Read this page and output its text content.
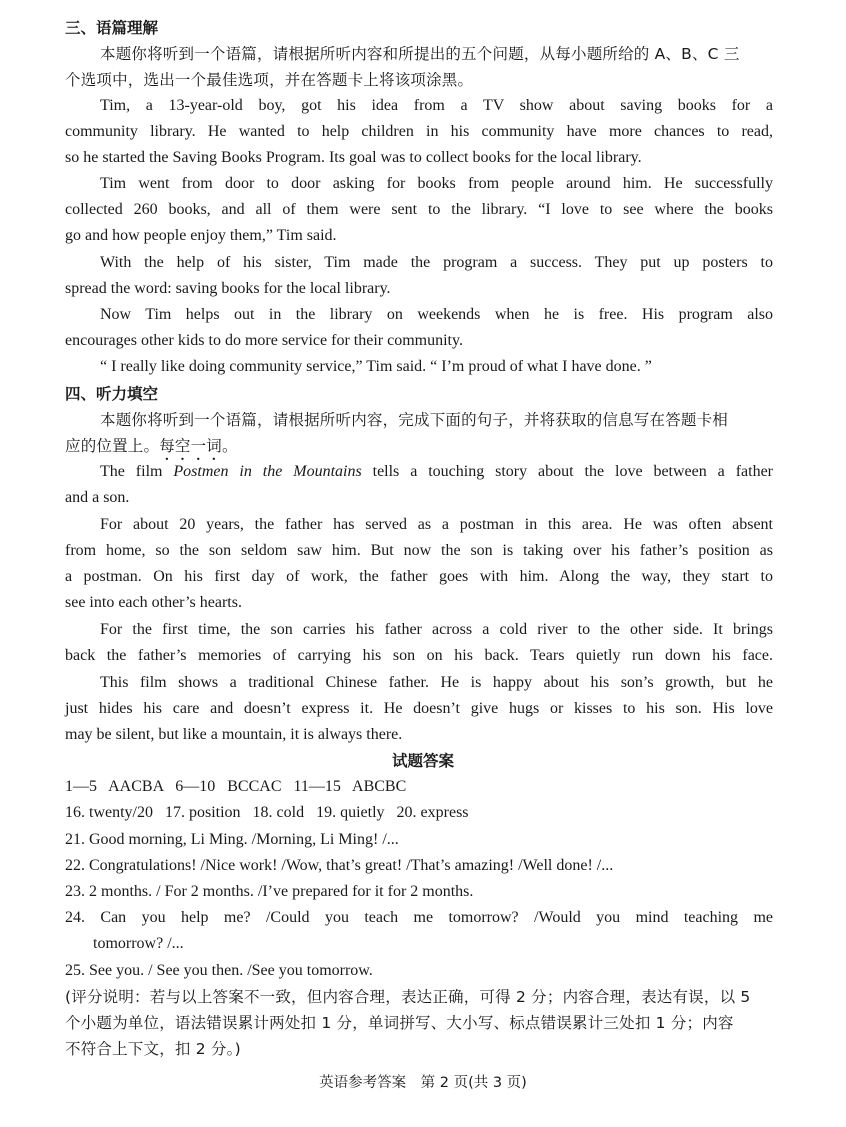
三、语篇理解
本题你将听到一个语篇，请根据所听内容和所提出的五个问题，从每小题所给的 A、B、C 三
个选项中，选出一个最佳选项，并在答题卡上将该项涂黑。
Tim, a 13-year-old boy, got his idea from a TV show about saving books for a
community library. He wanted to help children in his community have more chances to read,
so he started the Saving Books Program. Its goal was to collect books for the local library.
Tim went from door to door asking for books from people around him. He successfully
collected 260 books, and all of them were sent to the library. “I love to see where the books
go and how people enjoy them,” Tim said.
With the help of his sister, Tim made the program a success. They put up posters to
spread the word: saving books for the local library.
Now Tim helps out in the library on weekends when he is free. His program also
encourages other kids to do more service for their community.
“ I really like doing community service,” Tim said. “ I’m proud of what I have done. ”
四、听力填空
本题你将听到一个语篇，请根据所听内容，完成下面的句子，并将获取的信息写在答题卡相
应的位置上。每空一词。
The film Postmen in the Mountains tells a touching story about the love between a father
and a son.
For about 20 years, the father has served as a postman in this area. He was often absent
from home, so the son seldom saw him. But now the son is taking over his father’s position as
a postman. On his first day of work, the father goes with him. Along the way, they start to
see into each other’s hearts.
For the first time, the son carries his father across a cold river to the other side. It brings
back the father’s memories of carrying his son on his back. Tears quietly run down his face.
This film shows a traditional Chinese father. He is happy about his son’s growth, but he
just hides his care and doesn’t express it. He doesn’t give hugs or kisses to his son. His love
may be silent, but like a mountain, it is always there.
试题答案
1—5   AACBA   6—10   BCCAC   11—15   ABCBC
16. twenty/20   17. position   18. cold   19. quietly   20. express
21. Good morning, Li Ming. /Morning, Li Ming! /...
22. Congratulations! /Nice work! /Wow, that’s great! /That’s amazing! /Well done! /...
23. 2 months. / For 2 months. /I’ve prepared for it for 2 months.
24. Can you help me? /Could you teach me tomorrow? /Would you mind teaching me
tomorrow? /...
25. See you. / See you then. /See you tomorrow.
(评分说明：若与以上答案不一致，但内容合理，表达正确，可得 2 分；内容合理，表达有误，以 5
个小题为单位，语法错误累计两处扣 1 分，单词拼写、大小写、标点错误累计三处扣 1 分；内容
不符合上下文，扣 2 分。)
英语参考答案　第 2 页(共 3 页)
